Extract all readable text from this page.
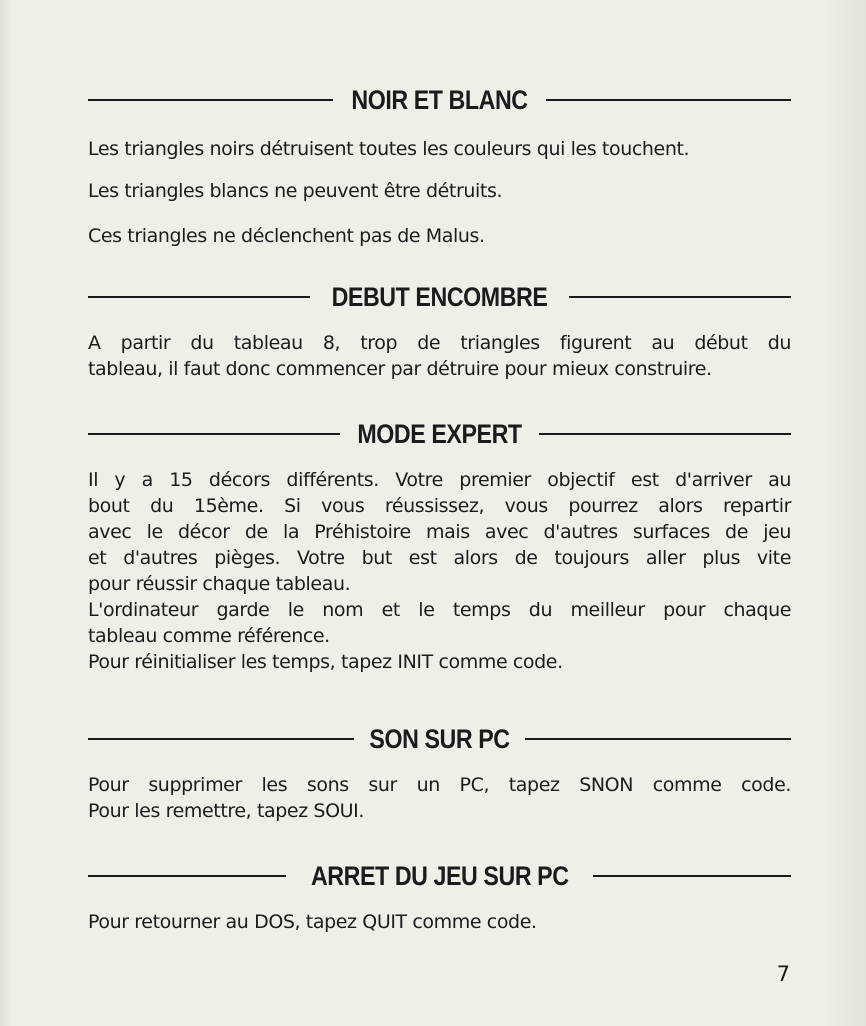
NOIR ET BLANC

Les triangles noirs détruisent toutes les couleurs qui les touchent.

Les triangles blancs ne peuvent être détruits.

Ces triangles ne déclenchent pas de Malus.

DEBUT ENCOMBRE

A partir du tableau 8, trop de triangles figurent au début du

tableau, il faut donc commencer par détruire pour mieux construire.

MODE EXPERT

Il y a 15 décors différents. Votre premier objectif est d'arriver au

bout du 15ème. Si vous réussissez, vous pourrez alors repartir

avec le décor de la Préhistoire mais avec d'autres surfaces de jeu

et d'autres pièges. Votre but est alors de toujours aller plus vite

pour réussir chaque tableau.

L'ordinateur garde le nom et le temps du meilleur pour chaque

tableau comme référence.

Pour réinitialiser les temps, tapez INIT comme code.

SON SUR PC

Pour supprimer les sons sur un PC, tapez SNON comme code.

Pour les remettre, tapez SOUI.

ARRET DU JEU SUR PC

Pour retourner au DOS, tapez QUIT comme code.

7
